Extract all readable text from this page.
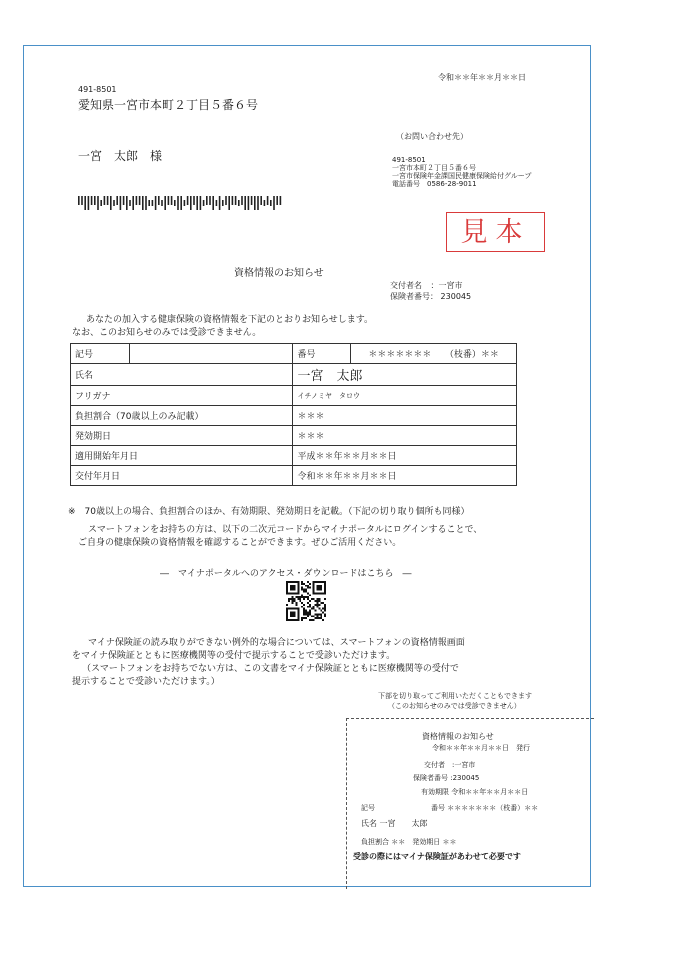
令和＊＊年＊＊月＊＊日
491-8501
愛知県一宮市本町２丁目５番６号
一宮　太郎　様
（お問い合わせ先）
491-8501
一宮市本町２丁目５番６号
一宮市保険年金課国民健康保険給付グループ
電話番号　0586-28-9011
見本
資格情報のお知らせ
交付者名 ：一宮市
保険者番号： 230045
あなたの加入する健康保険の資格情報を下記のとおりお知らせします。
なお、このお知らせのみでは受診できません。
記号		番号	＊＊＊＊＊＊＊　　（枝番）＊＊
氏名		一宮　太郎	
フリガナ		イチノミヤ　タロウ	
負担割合（70歳以上のみ記載）		＊＊＊	
発効期日		＊＊＊	
適用開始年月日		平成＊＊年＊＊月＊＊日	
交付年月日		令和＊＊年＊＊月＊＊日	
※　70歳以上の場合、負担割合のほか、有効期限、発効期日を記載。（下記の切り取り個所も同様）
スマートフォンをお持ちの方は、以下の二次元コードからマイナポータルにログインすることで、
ご自身の健康保険の資格情報を確認することができます。ぜひご活用ください。
―　マイナポータルへのアクセス・ダウンロードはこちら　―
マイナ保険証の読み取りができない例外的な場合については、スマートフォンの資格情報画面
をマイナ保険証とともに医療機関等の受付で提示することで受診いただけます。
（スマートフォンをお持ちでない方は、この文書をマイナ保険証とともに医療機関等の受付で
提示することで受診いただけます。）
下部を切り取ってご利用いただくこともできます
（このお知らせのみでは受診できません）
資格情報のお知らせ
令和＊＊年＊＊月＊＊日　発行
交付者　:一宮市
保険者番号 :230045
有効期限 令和＊＊年＊＊月＊＊日
記号	番号 ＊＊＊＊＊＊＊（枝番）＊＊
氏名 一宮　　太郎
負担割合 ＊＊　発効期日 ＊＊
受診の際にはマイナ保険証があわせて必要です
